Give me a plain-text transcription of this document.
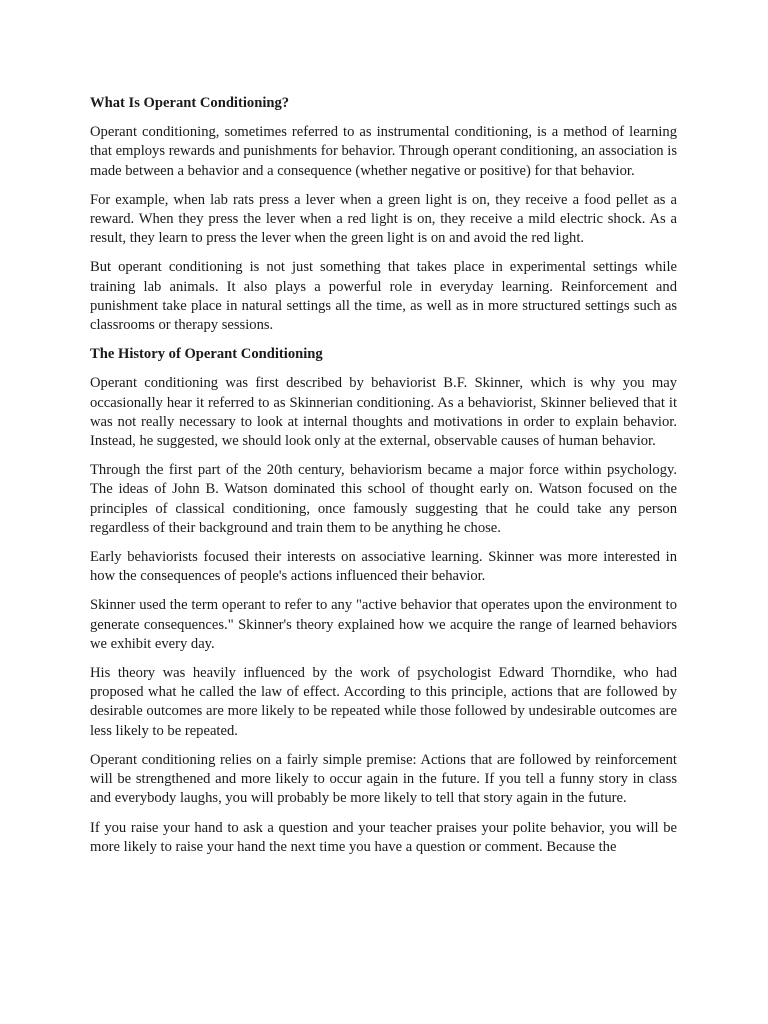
What Is Operant Conditioning?

Operant conditioning, sometimes referred to as instrumental conditioning, is a method of learning that employs rewards and punishments for behavior. Through operant conditioning, an association is made between a behavior and a consequence (whether negative or positive) for that behavior.

For example, when lab rats press a lever when a green light is on, they receive a food pellet as a reward. When they press the lever when a red light is on, they receive a mild electric shock. As a result, they learn to press the lever when the green light is on and avoid the red light.

But operant conditioning is not just something that takes place in experimental settings while training lab animals. It also plays a powerful role in everyday learning. Reinforcement and punishment take place in natural settings all the time, as well as in more structured settings such as classrooms or therapy sessions.

The History of Operant Conditioning

Operant conditioning was first described by behaviorist B.F. Skinner, which is why you may occasionally hear it referred to as Skinnerian conditioning. As a behaviorist, Skinner believed that it was not really necessary to look at internal thoughts and motivations in order to explain behavior. Instead, he suggested, we should look only at the external, observable causes of human behavior.

Through the first part of the 20th century, behaviorism became a major force within psychology. The ideas of John B. Watson dominated this school of thought early on. Watson focused on the principles of classical conditioning, once famously suggesting that he could take any person regardless of their background and train them to be anything he chose.

Early behaviorists focused their interests on associative learning. Skinner was more interested in how the consequences of people's actions influenced their behavior.

Skinner used the term operant to refer to any "active behavior that operates upon the environment to generate consequences." Skinner's theory explained how we acquire the range of learned behaviors we exhibit every day.

His theory was heavily influenced by the work of psychologist Edward Thorndike, who had proposed what he called the law of effect. According to this principle, actions that are followed by desirable outcomes are more likely to be repeated while those followed by undesirable outcomes are less likely to be repeated.

Operant conditioning relies on a fairly simple premise: Actions that are followed by reinforcement will be strengthened and more likely to occur again in the future. If you tell a funny story in class and everybody laughs, you will probably be more likely to tell that story again in the future.

If you raise your hand to ask a question and your teacher praises your polite behavior, you will be more likely to raise your hand the next time you have a question or comment. Because the
